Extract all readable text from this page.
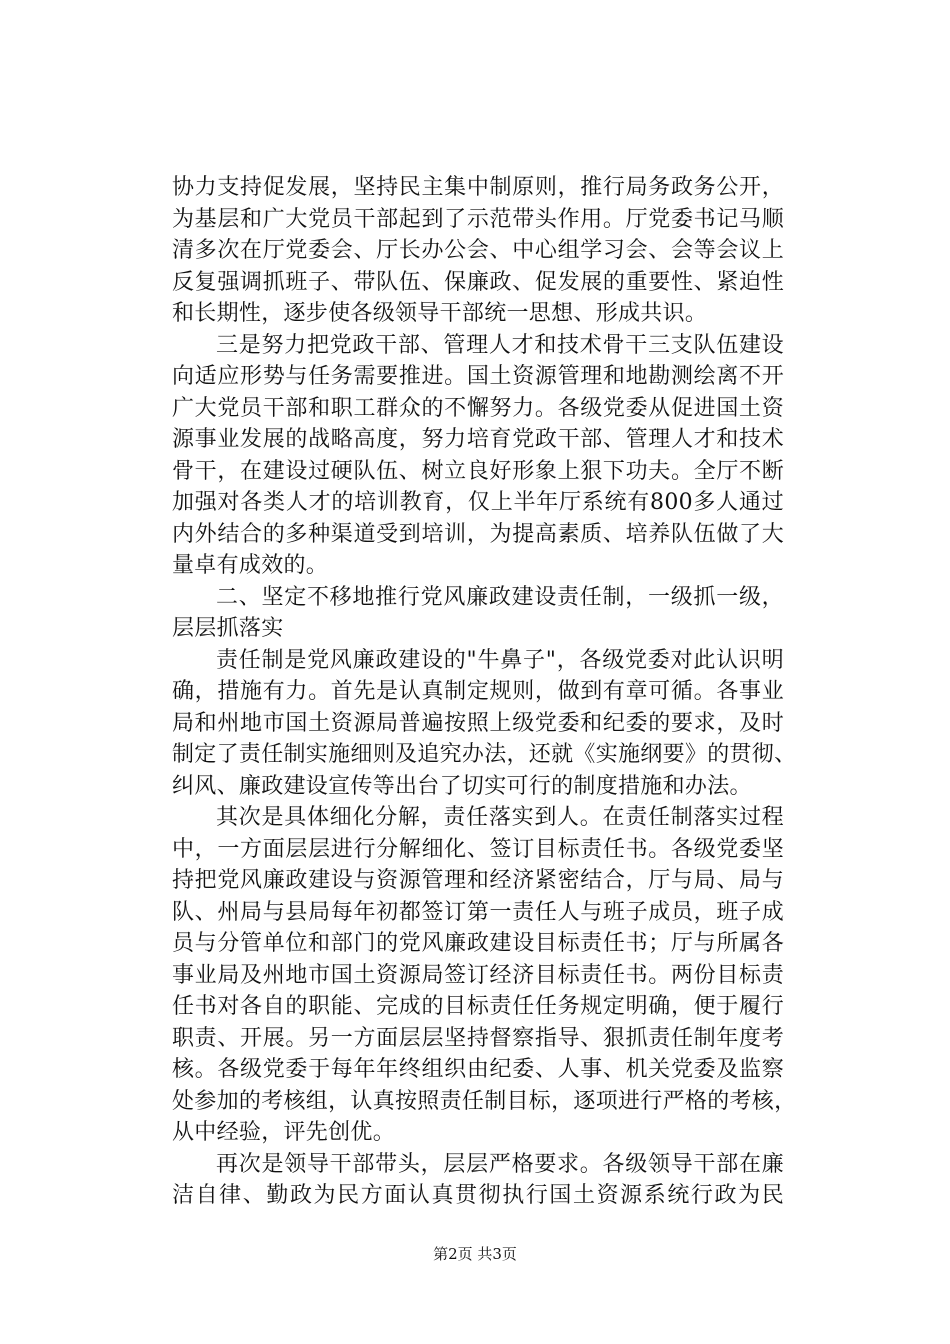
协力支持促发展，坚持民主集中制原则，推行局务政务公开，
为基层和广大党员干部起到了示范带头作用。厅党委书记马顺
清多次在厅党委会、厅长办公会、中心组学习会、会等会议上
反复强调抓班子、带队伍、保廉政、促发展的重要性、紧迫性
和长期性，逐步使各级领导干部统一思想、形成共识。
三是努力把党政干部、管理人才和技术骨干三支队伍建设
向适应形势与任务需要推进。国土资源管理和地勘测绘离不开
广大党员干部和职工群众的不懈努力。各级党委从促进国土资
源事业发展的战略高度，努力培育党政干部、管理人才和技术
骨干，在建设过硬队伍、树立良好形象上狠下功夫。全厅不断
加强对各类人才的培训教育，仅上半年厅系统有800多人通过
内外结合的多种渠道受到培训，为提高素质、培养队伍做了大
量卓有成效的。
二、坚定不移地推行党风廉政建设责任制，一级抓一级，
层层抓落实
责任制是党风廉政建设的"牛鼻子"，各级党委对此认识明
确，措施有力。首先是认真制定规则，做到有章可循。各事业
局和州地市国土资源局普遍按照上级党委和纪委的要求，及时
制定了责任制实施细则及追究办法，还就《实施纲要》的贯彻、
纠风、廉政建设宣传等出台了切实可行的制度措施和办法。
其次是具体细化分解，责任落实到人。在责任制落实过程
中，一方面层层进行分解细化、签订目标责任书。各级党委坚
持把党风廉政建设与资源管理和经济紧密结合，厅与局、局与
队、州局与县局每年初都签订第一责任人与班子成员，班子成
员与分管单位和部门的党风廉政建设目标责任书；厅与所属各
事业局及州地市国土资源局签订经济目标责任书。两份目标责
任书对各自的职能、完成的目标责任任务规定明确，便于履行
职责、开展。另一方面层层坚持督察指导、狠抓责任制年度考
核。各级党委于每年年终组织由纪委、人事、机关党委及监察
处参加的考核组，认真按照责任制目标，逐项进行严格的考核，
从中经验，评先创优。
再次是领导干部带头，层层严格要求。各级领导干部在廉
洁自律、勤政为民方面认真贯彻执行国土资源系统行政为民
第2页 共3页
